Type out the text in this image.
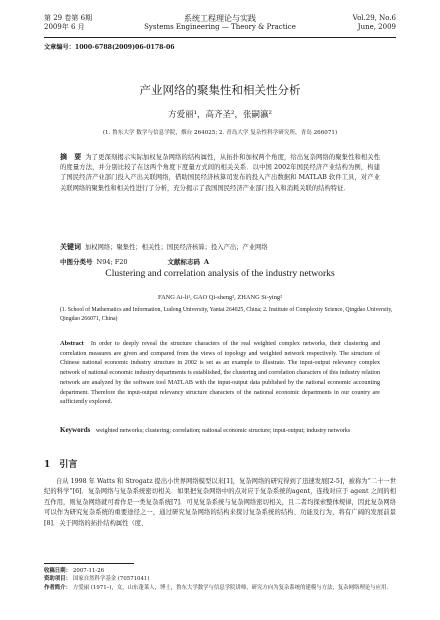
第 29 卷第 6期
2009年 6 月
系统工程理论与实践
Systems Engineering — Theory & Practice
Vol.29, No.6
June, 2009
文章编号：1000-6788(2009)06-0178-06
产业网络的聚集性和相关性分析
方爱丽¹，高齐圣²，张嗣瀛²
(1. 鲁东大学 数学与信息学院，烟台 264025; 2. 青岛大学 复杂性科学研究所，青岛 266071)
摘　要 为了更深刻揭示实际加权复杂网络的结构属性，从拓扑和加权两个角度，给出复杂网络的聚集性和相关性的度量方法，并分别比较了在这两个角度下度量方式间的相关关系．以中国 2002年国民经济产业结构为例，构建了国民经济产业部门投入产出关联网络，借助国民经济核算司发布的投入产出数据和 MATLAB 软件工具，对产业关联网络的聚集性和相关性进行了分析，充分揭示了我国国民经济产业部门投入和消耗关联的结构特征．
关键词 加权网络；聚集性；相关性；国民经济核算；投入产出；产业网络
中图分类号 N94; F20	文献标志码 A
Clustering and correlation analysis of the industry networks
FANG Ai-li¹, GAO Qi-sheng², ZHANG Si-ying²
(1. School of Mathematics and Information, Ludong University, Yantai 264025, China; 2. Institute of Complexity Science, Qingdao University, Qingdao 266071, China)
Abstract In order to deeply reveal the structure characters of the real weighted complex networks, their clustering and correlation measures are given and compared from the views of topology and weighted network respectively. The structure of Chinese national economic industry structure in 2002 is set as an example to illustrate. The input-output relevancy complex network of national economic industry departments is established, the clustering and correlation characters of this industry relation network are analyzed by the software tool MATLAB with the input-output data published by the national economic accounting department. Therefore the input-output relevancy structure characters of the national economic departments in our country are sufficiently explored.
Keywords weighted networks; clustering; correlation; national economic structure; input-output; industry networks
1 引言
自从 1998 年 Watts 和 Strogatz 提出小世界网络模型以来[1]，复杂网络的研究得到了迅速发展[2-5]，被称为“二十一世纪的科学”[6]．复杂网络与复杂系统密切相关．如果把复杂网络中的点对应于复杂系统的agent，连线对应于 agent 之间的相互作用，则复杂网络就可看作是一类复杂系统[7]．可见复杂系统与复杂网络密切相关，且二者均探索整体规律，因此复杂网络可以作为研究复杂系统的重要途径之一，通过研究复杂网络的结构来探讨复杂系统的结构、功能及行为，将有广阔的发展前景[8]．关于网络的拓扑结构属性（度、
收稿日期： 2007-11-26
资助项目： 国家自然科学基金 (70571041)
作者简介： 方爱丽 (1971–)，女，山东蓬莱人，博士，鲁东大学数学与信息学院讲师，研究方向为复杂系统的建模与方法，复杂网络理论与应用．
